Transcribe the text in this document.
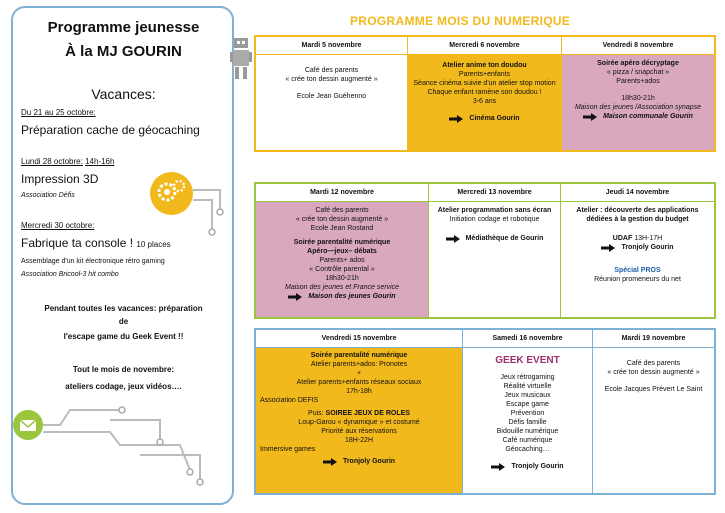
Programme jeunesse
À la MJ GOURIN
Vacances:
Du 21 au 25 octobre:
Préparation cache de géocaching
Lundi 28 octobre: 14h-16h
Impression 3D
Association Défis
Mercredi 30 octobre:
Fabrique ta console ! 10 places
Assemblage d'un kit électronique rétro gaming
Association Bricool-3 hit combo
Pendant toutes les vacances: préparation
de
l'escape game du Geek Event !!
Tout le mois de novembre:
ateliers codage, jeux vidéos….
PROGRAMME MOIS DU NUMERIQUE
Mardi 5 novembre
Café des parents
« crée ton dessin augmenté »
Ecole Jean Guéhenno
Mercredi 6 novembre
Atelier anime ton doudou
Parents+enfants
Séance cinéma suivie d'un atelier stop motion
Chaque enfant ramène son doudou !
3-6 ans
Cinéma Gourin
Vendredi 8 novembre
Soirée apéro décryptage
« pizza / snapchat »
Parents+ados
18h30-21h
Maison des jeunes /Association synapse
Maison communale Gourin
Mardi 12 novembre
Café des parents
« crée ton dessin augmenté »
Ecole Jean Rostand
Soirée parentalité numérique
Apéro—jeux– débats
Parents+ ados
« Contrôle parental »
18h30-21h
Maison des jeunes et France service
Maison des jeunes Gourin
Mercredi 13 novembre
Atelier programmation sans écran
Initiation codage et robotique
Médiathèque de Gourin
Jeudi 14 novembre
Atelier : découverte des applications dédiées à la gestion du budget
UDAF 13H-17H
Tronjoly Gourin
Spécial PROS
Réunion promeneurs du net
Vendredi 15 novembre
Soirée parentalité numérique
Atelier parents+ados: Pronotes
+
Atelier parents+enfants réseaux sociaux
17h-18h
Association DEFIS
Puis: SOIREE JEUX DE ROLES
Loup-Garou « dynamique » et costumé
Priorité aux réservations
18H-22H
Immersive games
Tronjoly Gourin
Samedi 16 novembre
GEEK EVENT
Jeux rétrogaming
Réalité virtuelle
Jeux musicaux
Escape game
Prévention
Défis famille
Bidouille numérique
Café numérique
Géocaching…
Tronjoly Gourin
Mardi 19 novembre
Café des parents
« crée ton dessin augmenté »
Ecole Jacques Prévert Le Saint
